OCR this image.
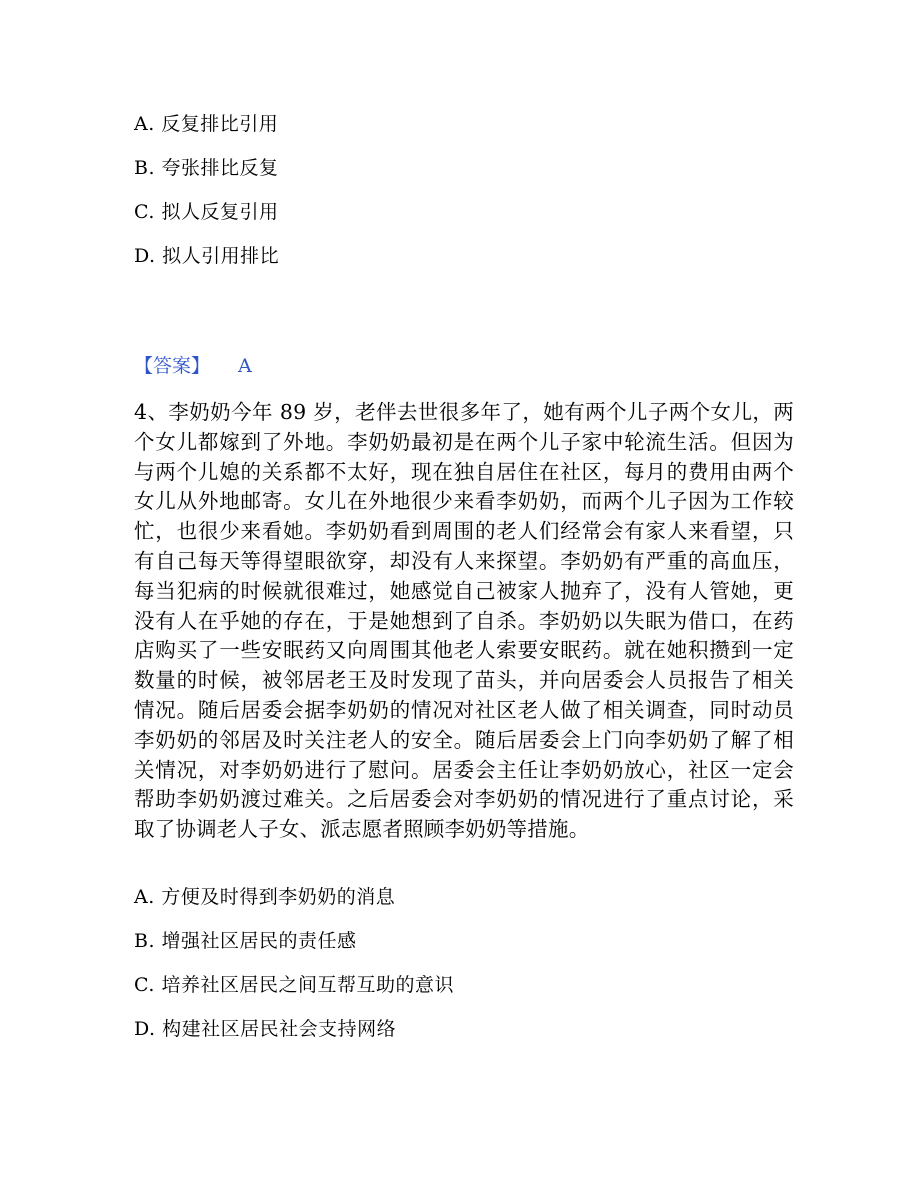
A. 反复排比引用
B. 夸张排比反复
C. 拟人反复引用
D. 拟人引用排比
【答案】 A
4、李奶奶今年 89 岁，老伴去世很多年了，她有两个儿子两个女儿，两个女儿都嫁到了外地。李奶奶最初是在两个儿子家中轮流生活。但因为与两个儿媳的关系都不太好，现在独自居住在社区，每月的费用由两个女儿从外地邮寄。女儿在外地很少来看李奶奶，而两个儿子因为工作较忙，也很少来看她。李奶奶看到周围的老人们经常会有家人来看望，只有自己每天等得望眼欲穿，却没有人来探望。李奶奶有严重的高血压，每当犯病的时候就很难过，她感觉自己被家人抛弃了，没有人管她，更没有人在乎她的存在，于是她想到了自杀。李奶奶以失眠为借口，在药店购买了一些安眠药又向周围其他老人索要安眠药。就在她积攒到一定数量的时候，被邻居老王及时发现了苗头，并向居委会人员报告了相关情况。随后居委会据李奶奶的情况对社区老人做了相关调查，同时动员李奶奶的邻居及时关注老人的安全。随后居委会上门向李奶奶了解了相关情况，对李奶奶进行了慰问。居委会主任让李奶奶放心，社区一定会帮助李奶奶渡过难关。之后居委会对李奶奶的情况进行了重点讨论，采取了协调老人子女、派志愿者照顾李奶奶等措施。
A. 方便及时得到李奶奶的消息
B. 增强社区居民的责任感
C. 培养社区居民之间互帮互助的意识
D. 构建社区居民社会支持网络
